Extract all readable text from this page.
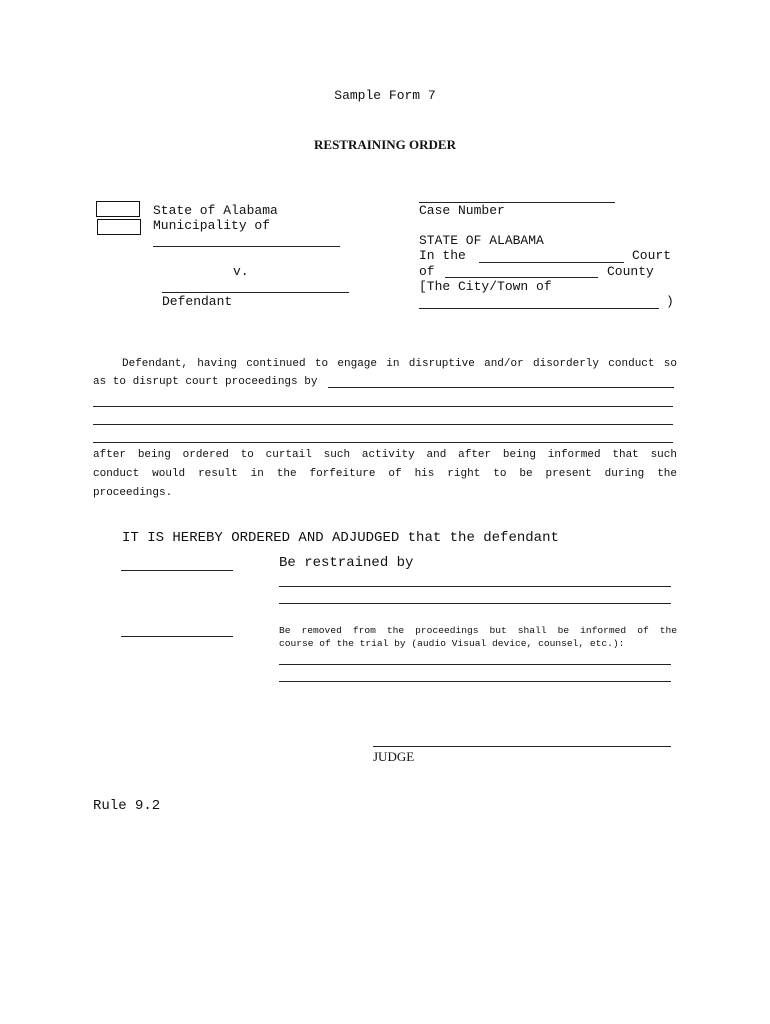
Sample Form 7
RESTRAINING ORDER
State of Alabama
Municipality of
v.
Defendant
Case Number
STATE OF ALABAMA
In the	Court
of	County
[The City/Town of
)
Defendant, having continued to engage in disruptive and/or disorderly conduct so
as to disrupt court proceedings by
after being ordered to curtail such activity and after being informed that such
conduct would result in the forfeiture of his right to be present during the
proceedings.
IT IS HEREBY ORDERED AND ADJUDGED that the defendant
Be restrained by
Be removed from the proceedings but shall be informed of the
course of the trial by (audio Visual device, counsel, etc.):
JUDGE
Rule 9.2
